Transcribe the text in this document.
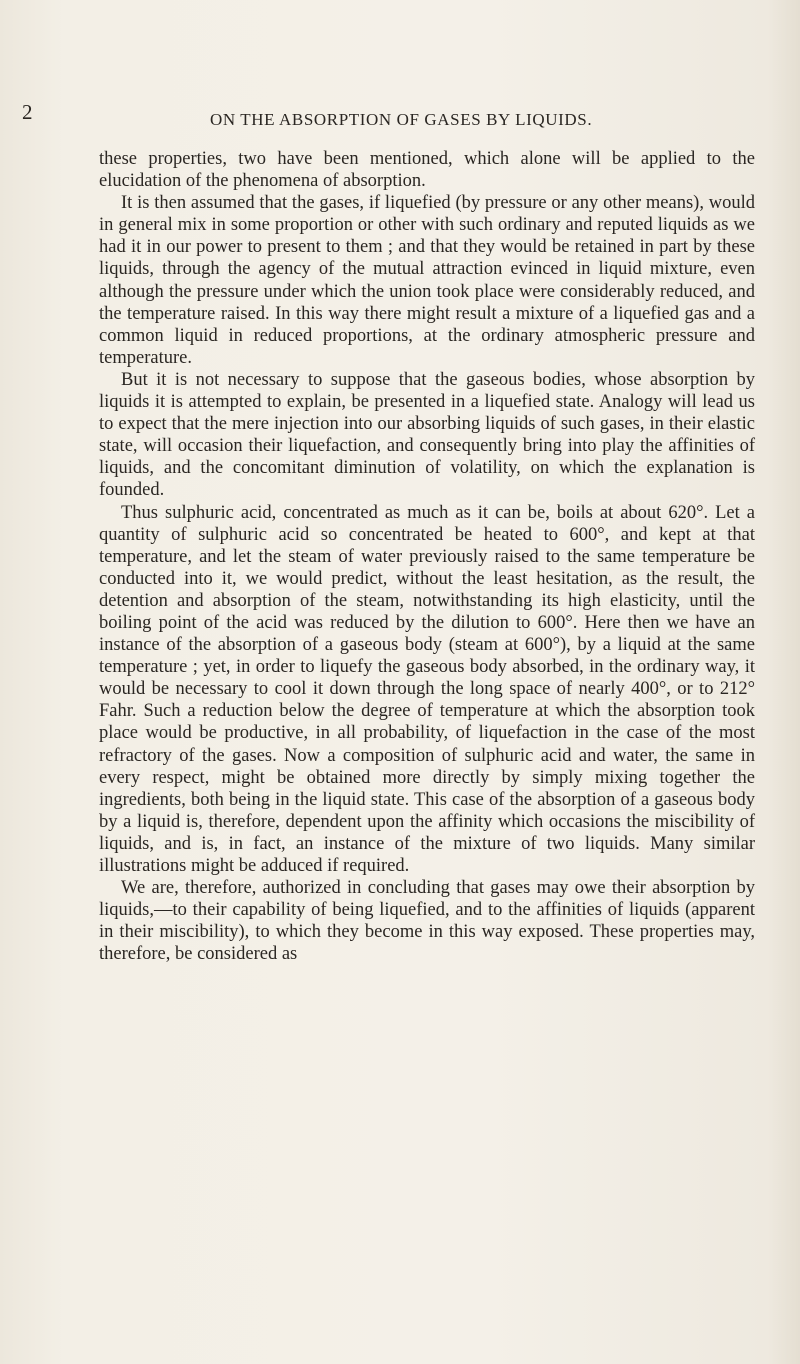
2	ON THE ABSORPTION OF GASES BY LIQUIDS.

these properties, two have been mentioned, which alone will be applied to the elucidation of the phenomena of absorption.

It is then assumed that the gases, if liquefied (by pressure or any other means), would in general mix in some proportion or other with such ordinary and reputed liquids as we had it in our power to present to them ; and that they would be retained in part by these liquids, through the agency of the mutual attraction evinced in liquid mixture, even although the pressure under which the union took place were considerably reduced, and the temperature raised. In this way there might result a mixture of a liquefied gas and a common liquid in reduced proportions, at the ordinary atmospheric pressure and temperature.

But it is not necessary to suppose that the gaseous bodies, whose absorption by liquids it is attempted to explain, be presented in a liquefied state. Analogy will lead us to expect that the mere injection into our absorbing liquids of such gases, in their elastic state, will occasion their liquefaction, and consequently bring into play the affinities of liquids, and the concomitant diminution of volatility, on which the explanation is founded.

Thus sulphuric acid, concentrated as much as it can be, boils at about 620°. Let a quantity of sulphuric acid so concentrated be heated to 600°, and kept at that temperature, and let the steam of water previously raised to the same temperature be conducted into it, we would predict, without the least hesitation, as the result, the detention and absorption of the steam, notwithstanding its high elasticity, until the boiling point of the acid was reduced by the dilution to 600°. Here then we have an instance of the absorption of a gaseous body (steam at 600°), by a liquid at the same temperature ; yet, in order to liquefy the gaseous body absorbed, in the ordinary way, it would be necessary to cool it down through the long space of nearly 400°, or to 212° Fahr. Such a reduction below the degree of temperature at which the absorption took place would be productive, in all probability, of liquefaction in the case of the most refractory of the gases. Now a composition of sulphuric acid and water, the same in every respect, might be obtained more directly by simply mixing together the ingredients, both being in the liquid state. This case of the absorption of a gaseous body by a liquid is, therefore, dependent upon the affinity which occasions the miscibility of liquids, and is, in fact, an instance of the mixture of two liquids. Many similar illustrations might be adduced if required.

We are, therefore, authorized in concluding that gases may owe their absorption by liquids,—to their capability of being liquefied, and to the affinities of liquids (apparent in their miscibility), to which they become in this way exposed. These properties may, therefore, be considered as
